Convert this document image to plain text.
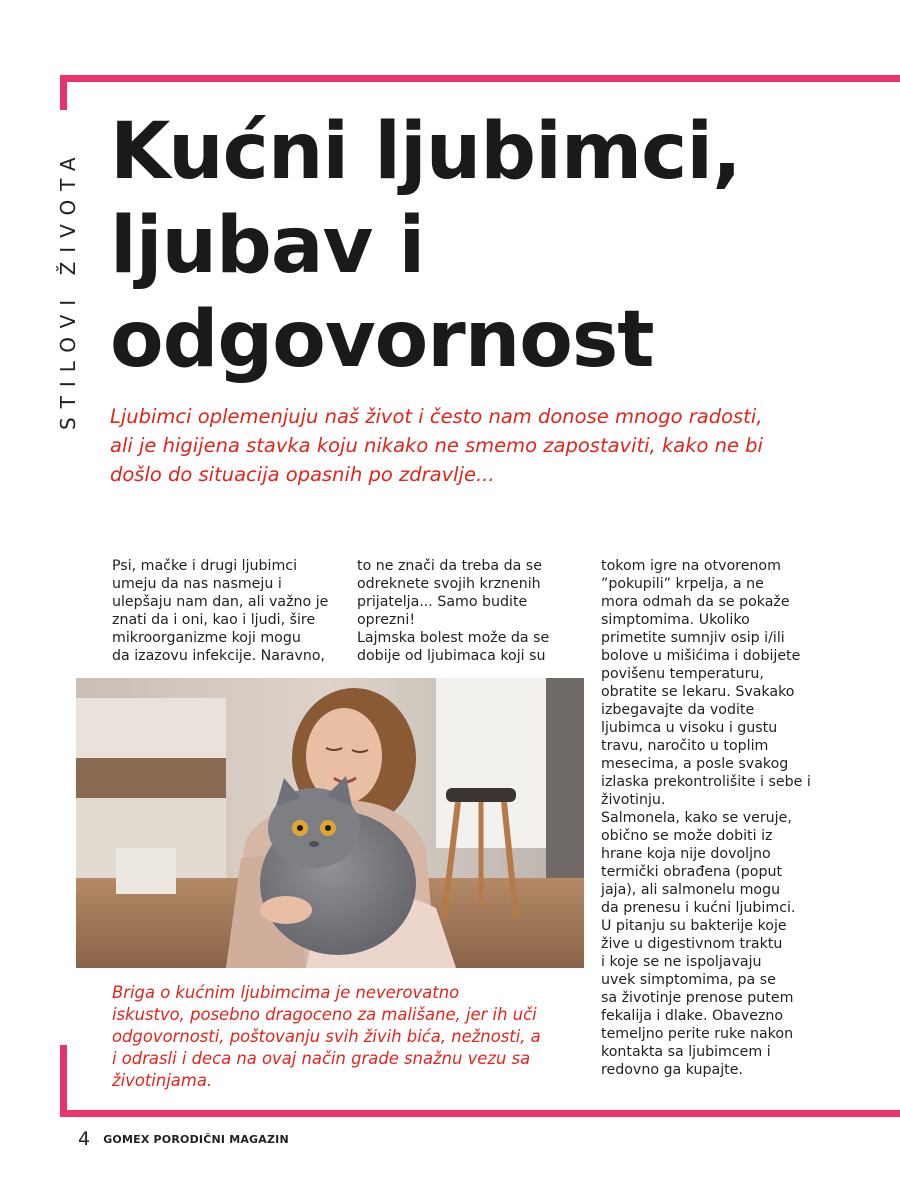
STILOVI ŽIVOTA Kućni ljubimci,
ljubav i
odgovornost
Ljubimci oplemenjuju naš život i često nam donose mnogo radosti,
ali je higijena stavka koju nikako ne smemo zapostaviti, kako ne bi
došlo do situacija opasnih po zdravlje...
Psi, mačke i drugi ljubimci
umeju da nas nasmeju i
ulepšaju nam dan, ali važno je
znati da i oni, kao i ljudi, šire
mikroorganizme koji mogu
da izazovu infekcije. Naravno,
to ne znači da treba da se
odreknete svojih krznenih
prijatelja... Samo budite
oprezni!
Lajmska bolest može da se
dobije od ljubimaca koji su
tokom igre na otvorenom
”pokupili” krpelja, a ne
mora odmah da se pokaže
simptomima. Ukoliko
primetite sumnjiv osip i/ili
bolove u mišićima i dobijete
povišenu temperaturu,
obratite se lekaru. Svakako
izbegavajte da vodite
ljubimca u visoku i gustu
travu, naročito u toplim
mesecima, a posle svakog
izlaska prekontrolišite i sebe i
životinju.
Salmonela, kako se veruje,
obično se može dobiti iz
hrane koja nije dovoljno
termički obrađena (poput
jaja), ali salmonelu mogu
da prenesu i kućni ljubimci.
U pitanju su bakterije koje
žive u digestivnom traktu
i koje se ne ispoljavaju
uvek simptomima, pa se
sa životinje prenose putem
fekalija i dlake. Obavezno
temeljno perite ruke nakon
kontakta sa ljubimcem i
redovno ga kupajte.
Briga o kućnim ljubimcima je neverovatno
iskustvo, posebno dragoceno za mališane, jer ih uči
odgovornosti, poštovanju svih živih bića, nežnosti, a
i odrasli i deca na ovaj način grade snažnu vezu sa
životinjama.
4 GOMEX PORODIČNI MAGAZIN
